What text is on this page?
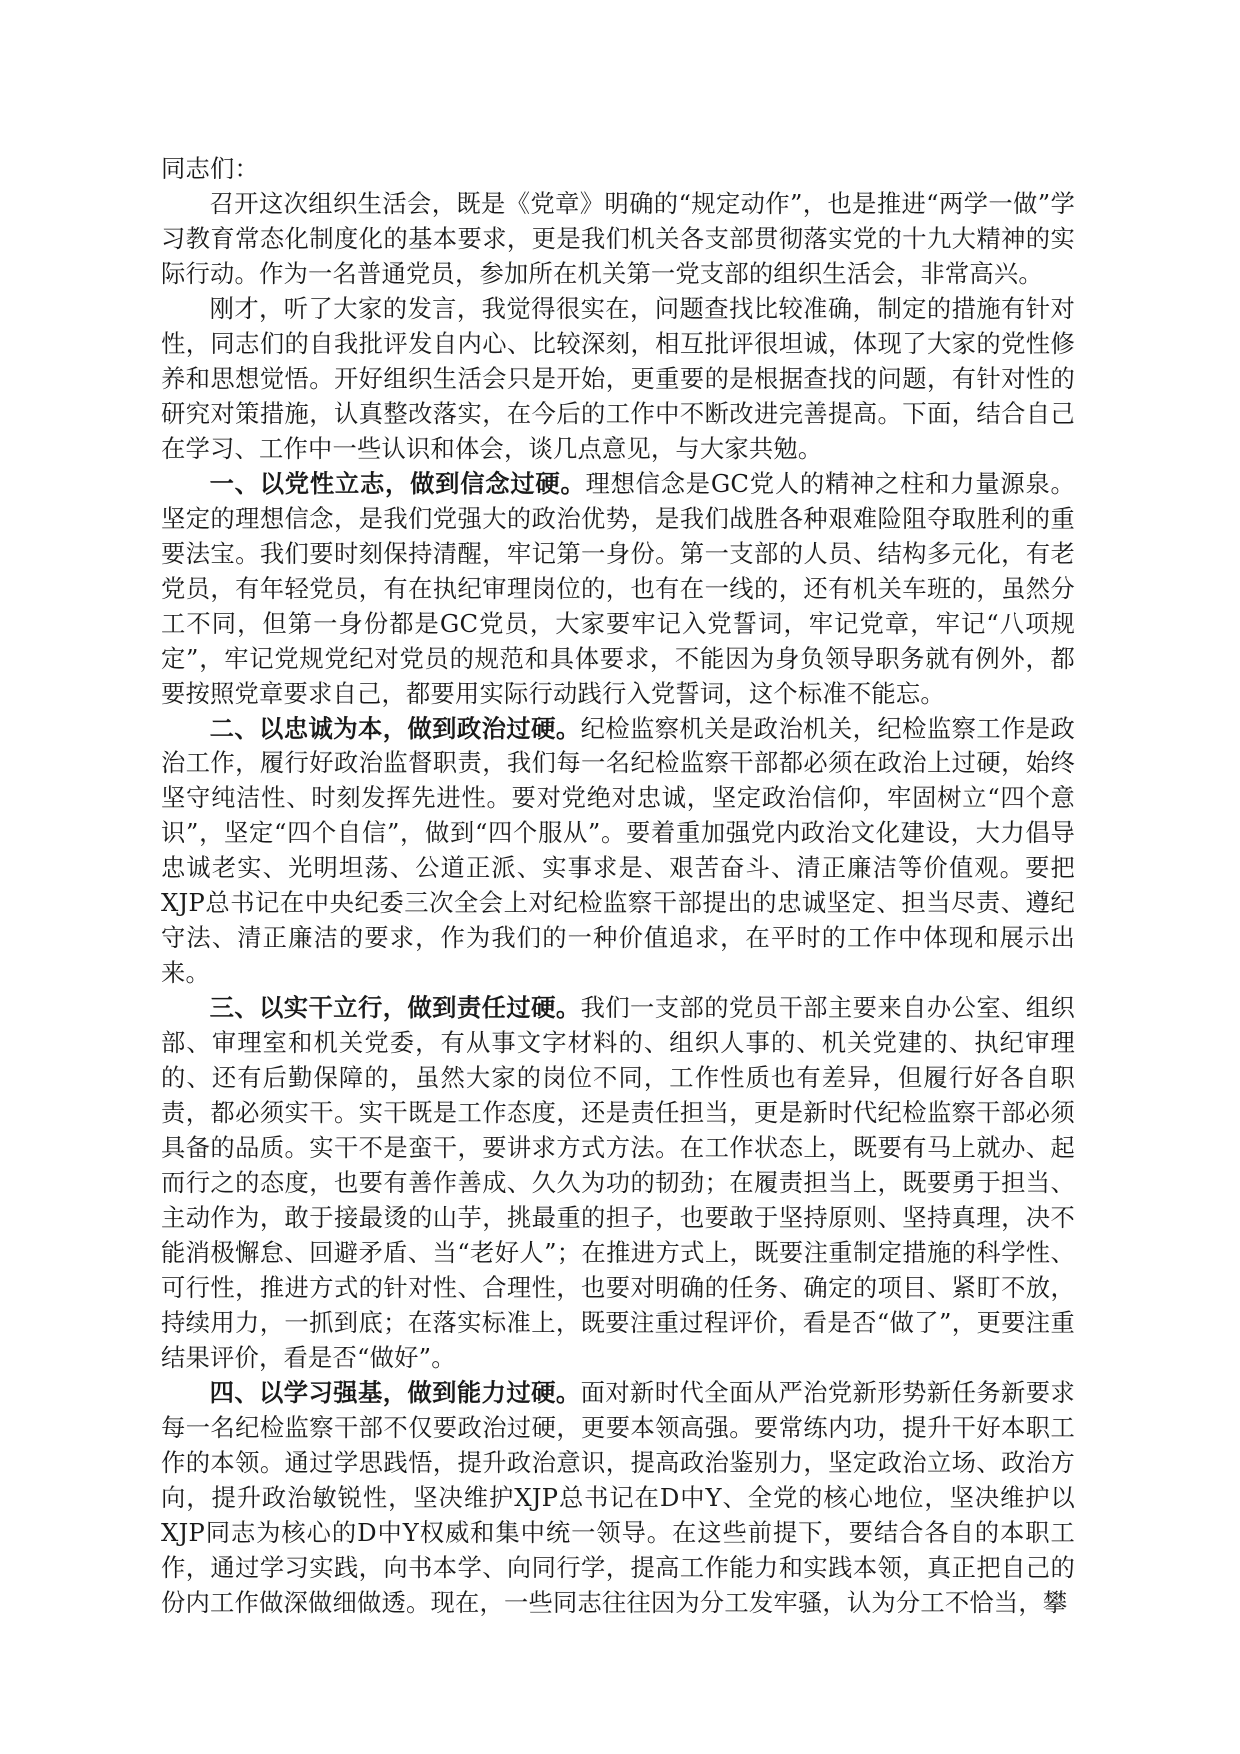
同志们：

召开这次组织生活会，既是《党章》明确的“规定动作”，也是推进“两学一做”学习教育常态化制度化的基本要求，更是我们机关各支部贯彻落实党的十九大精神的实际行动。作为一名普通党员，参加所在机关第一党支部的组织生活会，非常高兴。

刚才，听了大家的发言，我觉得很实在，问题查找比较准确，制定的措施有针对性，同志们的自我批评发自内心、比较深刻，相互批评很坦诚，体现了大家的党性修养和思想觉悟。开好组织生活会只是开始，更重要的是根据查找的问题，有针对性的研究对策措施，认真整改落实，在今后的工作中不断改进完善提高。下面，结合自己在学习、工作中一些认识和体会，谈几点意见，与大家共勉。

一、以党性立志，做到信念过硬。理想信念是GC党人的精神之柱和力量源泉。坚定的理想信念，是我们党强大的政治优势，是我们战胜各种艰难险阻夺取胜利的重要法宝。我们要时刻保持清醒，牢记第一身份。第一支部的人员、结构多元化，有老党员，有年轻党员，有在执纪审理岗位的，也有在一线的，还有机关车班的，虽然分工不同，但第一身份都是GC党员，大家要牢记入党誓词，牢记党章，牢记“八项规定”，牢记党规党纪对党员的规范和具体要求，不能因为身负领导职务就有例外，都要按照党章要求自己，都要用实际行动践行入党誓词，这个标准不能忘。

二、以忠诚为本，做到政治过硬。纪检监察机关是政治机关，纪检监察工作是政治工作，履行好政治监督职责，我们每一名纪检监察干部都必须在政治上过硬，始终坚守纯洁性、时刻发挥先进性。要对党绝对忠诚，坚定政治信仰，牢固树立“四个意识”，坚定“四个自信”，做到“四个服从”。要着重加强党内政治文化建设，大力倡导忠诚老实、光明坦荡、公道正派、实事求是、艰苦奋斗、清正廉洁等价值观。要把XJP总书记在中央纪委三次全会上对纪检监察干部提出的忠诚坚定、担当尽责、遵纪守法、清正廉洁的要求，作为我们的一种价值追求，在平时的工作中体现和展示出来。

三、以实干立行，做到责任过硬。我们一支部的党员干部主要来自办公室、组织部、审理室和机关党委，有从事文字材料的、组织人事的、机关党建的、执纪审理的、还有后勤保障的，虽然大家的岗位不同，工作性质也有差异，但履行好各自职责，都必须实干。实干既是工作态度，还是责任担当，更是新时代纪检监察干部必须具备的品质。实干不是蛮干，要讲求方式方法。在工作状态上，既要有马上就办、起而行之的态度，也要有善作善成、久久为功的韧劲；在履责担当上，既要勇于担当、主动作为，敢于接最烫的山芋，挑最重的担子，也要敢于坚持原则、坚持真理，决不能消极懈怠、回避矛盾、当“老好人”；在推进方式上，既要注重制定措施的科学性、可行性，推进方式的针对性、合理性，也要对明确的任务、确定的项目、紧盯不放，持续用力，一抓到底；在落实标准上，既要注重过程评价，看是否“做了”，更要注重结果评价，看是否“做好”。

四、以学习强基，做到能力过硬。面对新时代全面从严治党新形势新任务新要求每一名纪检监察干部不仅要政治过硬，更要本领高强。要常练内功，提升干好本职工作的本领。通过学思践悟，提升政治意识，提高政治鉴别力，坚定政治立场、政治方向，提升政治敏锐性，坚决维护XJP总书记在D中Y、全党的核心地位，坚决维护以XJP同志为核心的D中Y权威和集中统一领导。在这些前提下，要结合各自的本职工作，通过学习实践，向书本学、向同行学，提高工作能力和实践本领，真正把自己的份内工作做深做细做透。现在，一些同志往往因为分工发牢骚，认为分工不恰当，攀
